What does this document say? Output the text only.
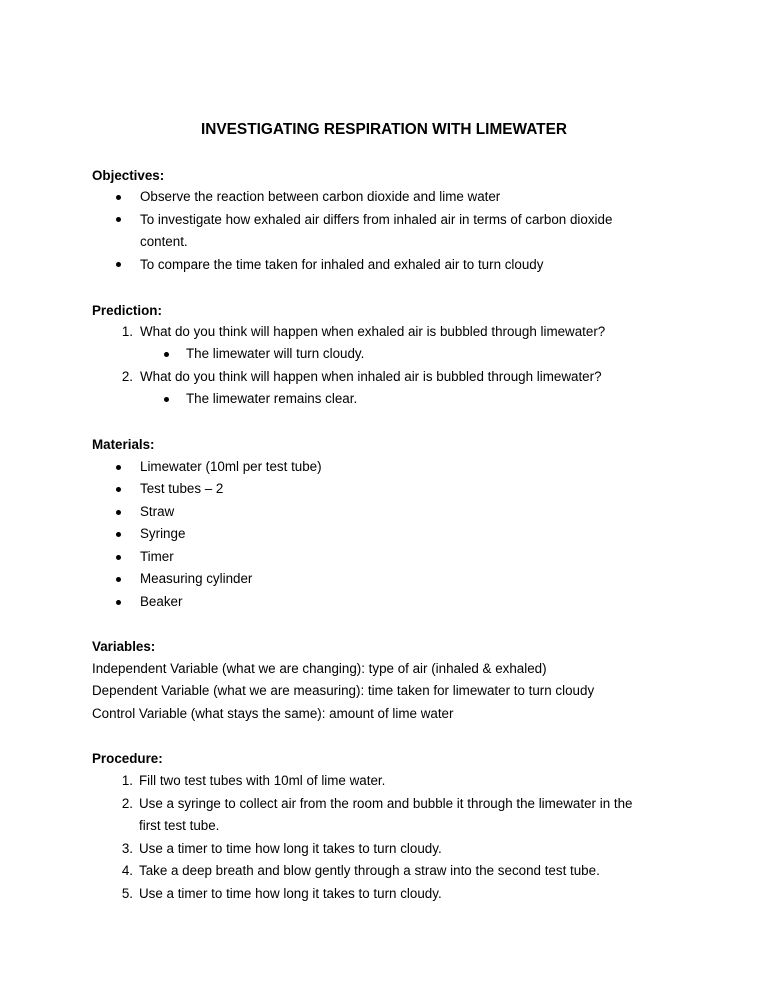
INVESTIGATING RESPIRATION WITH LIMEWATER
Objectives:
Observe the reaction between carbon dioxide and lime water
To investigate how exhaled air differs from inhaled air in terms of carbon dioxide
content.
To compare the time taken for inhaled and exhaled air to turn cloudy
Prediction:
1. What do you think will happen when exhaled air is bubbled through limewater?
The limewater will turn cloudy.
2. What do you think will happen when inhaled air is bubbled through limewater?
The limewater remains clear.
Materials:
Limewater (10ml per test tube)
Test tubes – 2
Straw
Syringe
Timer
Measuring cylinder
Beaker
Variables:
Independent Variable (what we are changing): type of air (inhaled & exhaled)
Dependent Variable (what we are measuring): time taken for limewater to turn cloudy
Control Variable (what stays the same): amount of lime water
Procedure:
1. Fill two test tubes with 10ml of lime water.
2. Use a syringe to collect air from the room and bubble it through the limewater in the
first test tube.
3. Use a timer to time how long it takes to turn cloudy.
4. Take a deep breath and blow gently through a straw into the second test tube.
5. Use a timer to time how long it takes to turn cloudy.
